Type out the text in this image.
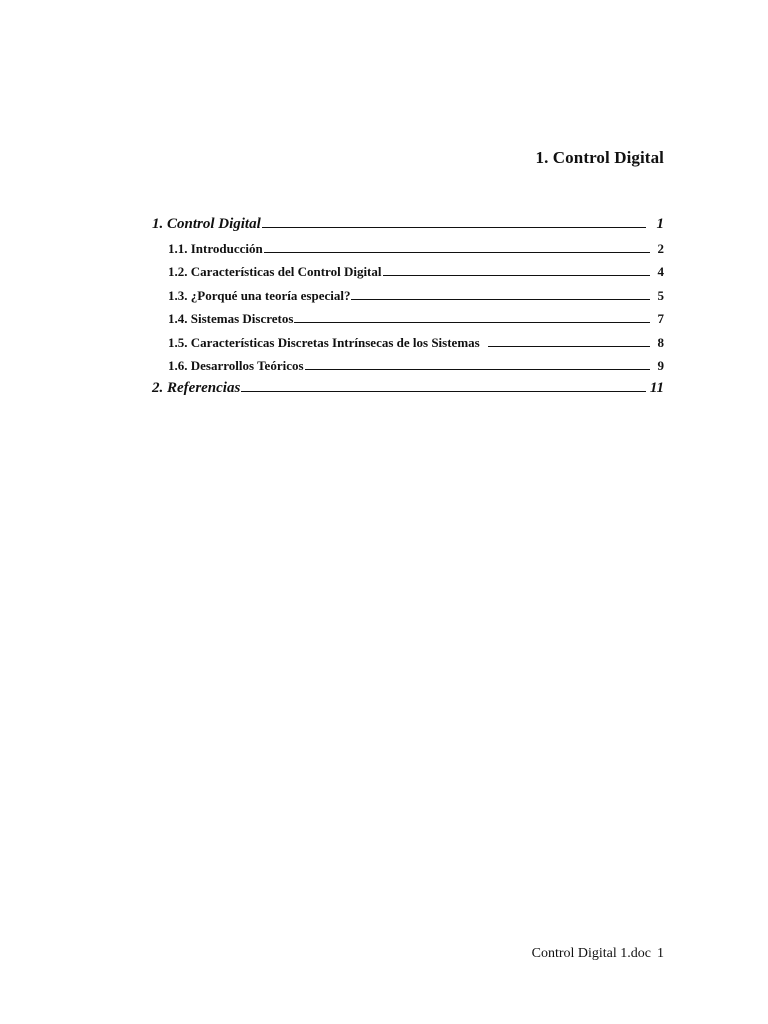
1. Control Digital
1. Control Digital	1
1.1. Introducción	2
1.2. Características del Control Digital	4
1.3. ¿Porqué una teoría especial?	5
1.4. Sistemas Discretos	7
1.5. Características Discretas Intrínsecas de los Sistemas	8
1.6. Desarrollos Teóricos	9
2. Referencias	11
Control Digital 1.doc 1
